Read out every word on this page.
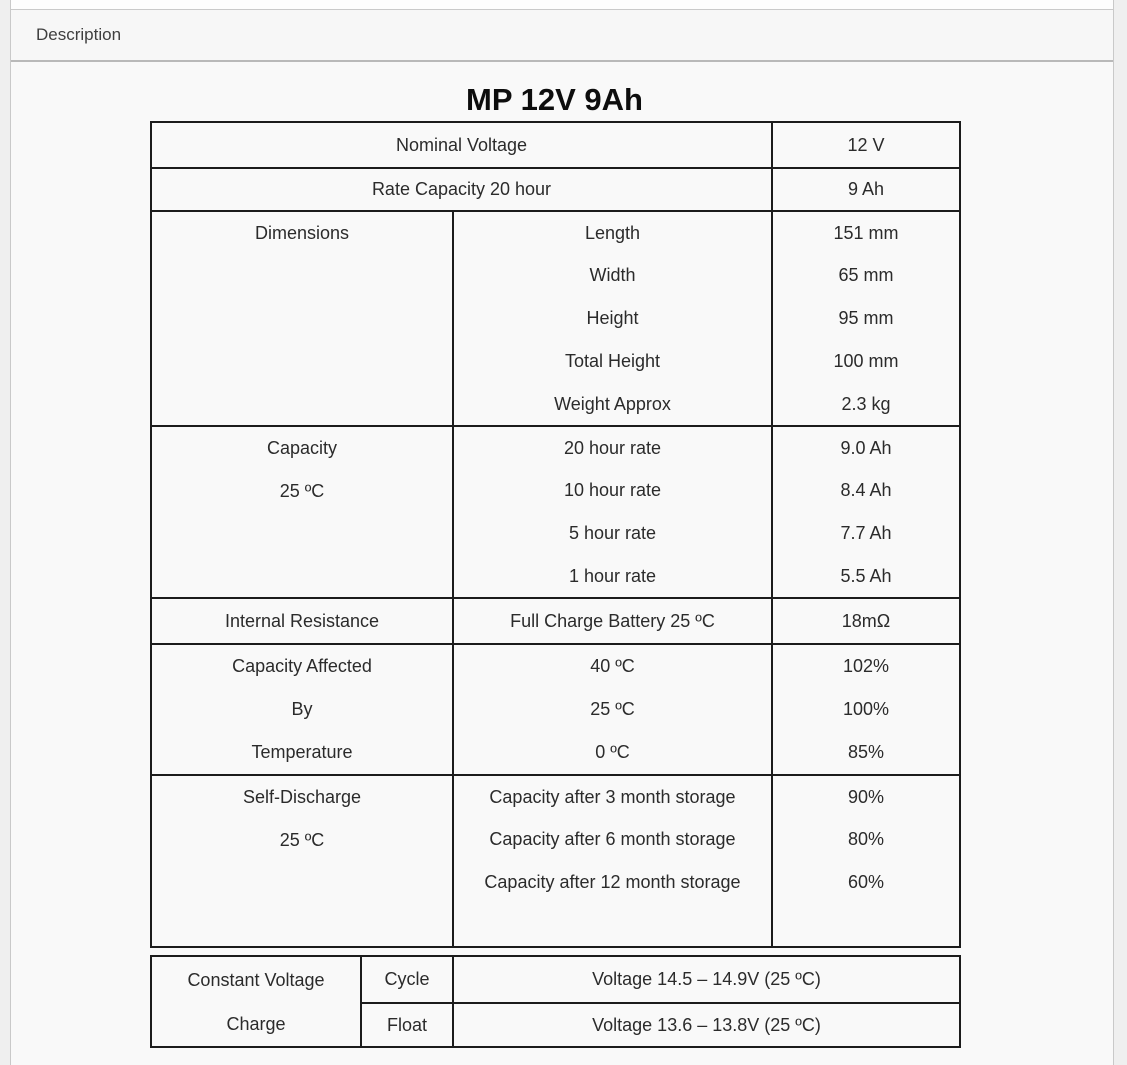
Description
MP 12V 9Ah
Nominal Voltage		12 V
Rate Capacity 20 hour		9 Ah

Dimensions	Length	151 mm
	Width	65 mm
	Height	95 mm
	Total Height	100 mm
	Weight Approx	2.3 kg

Capacity
25 ºC	20 hour rate	9.0 Ah
	10 hour rate	8.4 Ah
	5 hour rate	7.7 Ah
	1 hour rate	5.5 Ah
Internal Resistance	Full Charge Battery 25 ºC	18mΩ

Capacity Affected
By
Temperature	40 ºC	102%
	25 ºC	100%
	0 ºC	85%

Self-Discharge
25 ºC	Capacity after 3 month storage	90%
	Capacity after 6 month storage	80%
	Capacity after 12 month storage	60%

Constant Voltage
Charge	Cycle	Voltage 14.5 – 14.9V (25 ºC)
	Float	Voltage 13.6 – 13.8V (25 ºC)
